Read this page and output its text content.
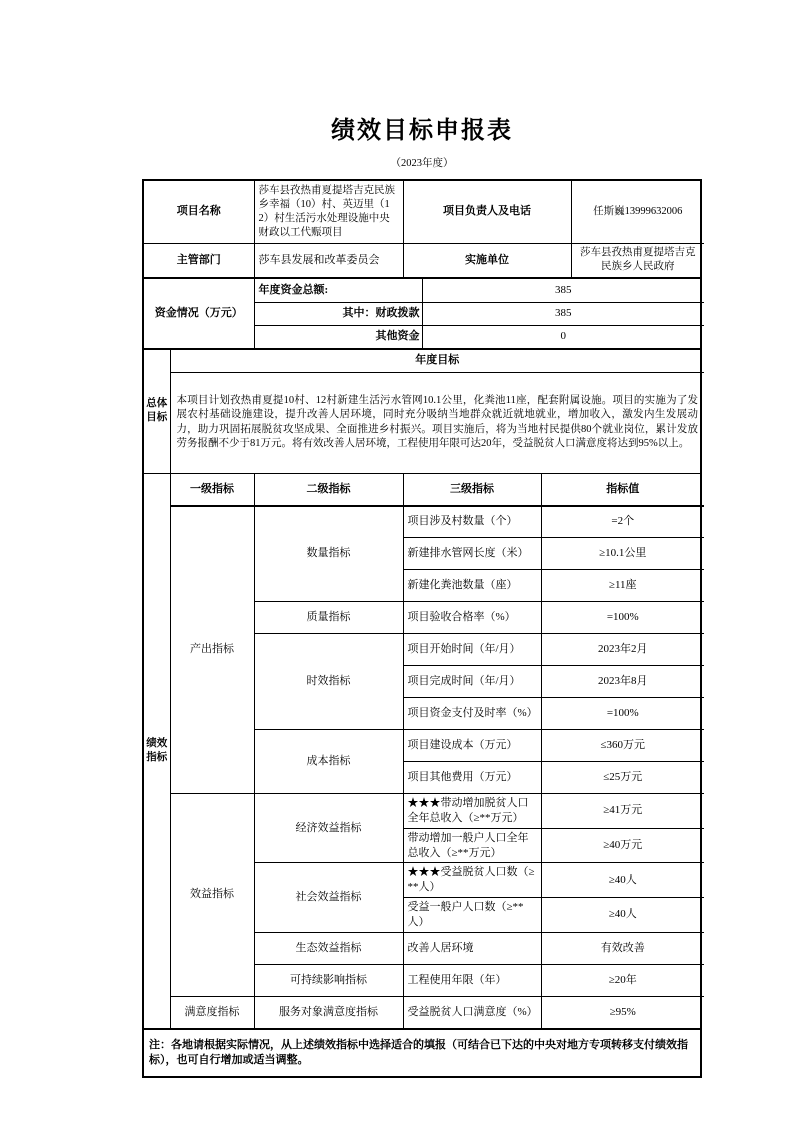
绩效目标申报表
（2023年度）
项目名称	莎车县孜热甫夏提塔吉克民族乡幸福（10）村、英迈里（12）村生活污水处理设施中央财政以工代赈项目	项目负责人及电话	任斯巍13999632006
主管部门	莎车县发展和改革委员会	实施单位	莎车县孜热甫夏提塔吉克民族乡人民政府
资金情况（万元）	年度资金总额:	385
	其中：财政拨款	385
	其他资金	0
总体目标	年度目标
本项目计划孜热甫夏提10村、12村新建生活污水管网10.1公里，化粪池11座，配套附属设施。项目的实施为了发展农村基础设施建设，提升改善人居环境，同时充分吸纳当地群众就近就地就业，增加收入，激发内生发展动力，助力巩固拓展脱贫攻坚成果、全面推进乡村振兴。项目实施后，将为当地村民提供80个就业岗位，累计发放劳务报酬不少于81万元。将有效改善人居环境，工程使用年限可达20年，受益脱贫人口满意度将达到95%以上。
绩效指标	一级指标	二级指标	三级指标	指标值
	产出指标	数量指标	项目涉及村数量（个）	=2个
			新建排水管网长度（米）	≥10.1公里
			新建化粪池数量（座）	≥11座
		质量指标	项目验收合格率（%）	=100%
		时效指标	项目开始时间（年/月）	2023年2月
			项目完成时间（年/月）	2023年8月
			项目资金支付及时率（%）	=100%
		成本指标	项目建设成本（万元）	≤360万元
			项目其他费用（万元）	≤25万元
	效益指标	经济效益指标	★★★带动增加脱贫人口全年总收入（≥**万元）	≥41万元
			带动增加一般户人口全年总收入（≥**万元）	≥40万元
		社会效益指标	★★★受益脱贫人口数（≥**人）	≥40人
			受益一般户人口数（≥**人）	≥40人
		生态效益指标	改善人居环境	有效改善
		可持续影响指标	工程使用年限（年）	≥20年
	满意度指标	服务对象满意度指标	受益脱贫人口满意度（%）	≥95%
注：各地请根据实际情况，从上述绩效指标中选择适合的填报（可结合已下达的中央对地方专项转移支付绩效指标），也可自行增加或适当调整。
